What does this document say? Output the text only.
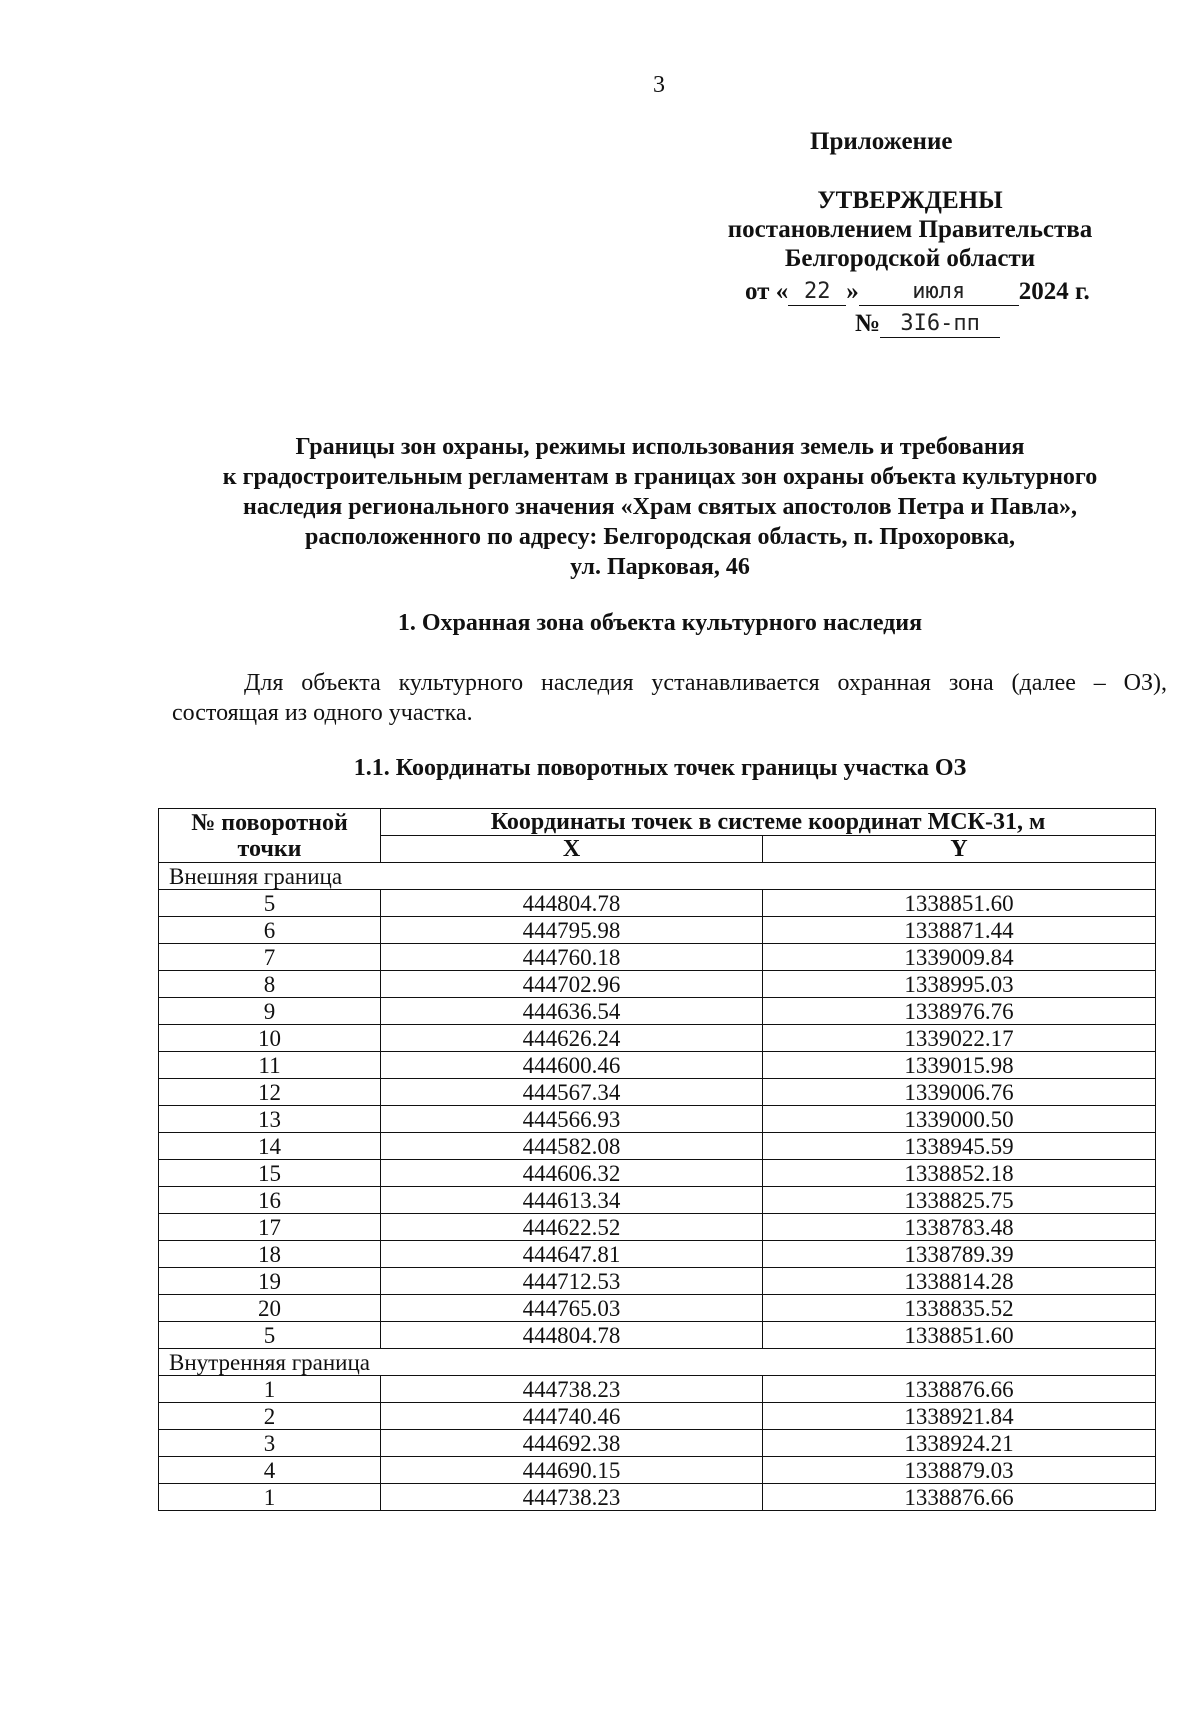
3
Приложение
УТВЕРЖДЕНЫ
постановлением Правительства
Белгородской области
от « 22 » июля 2024 г.
№ 3I6-пп
Границы зон охраны, режимы использования земель и требования
к градостроительным регламентам в границах зон охраны объекта культурного
наследия регионального значения «Храм святых апостолов Петра и Павла»,
расположенного по адресу: Белгородская область, п. Прохоровка,
ул. Парковая, 46
1. Охранная зона объекта культурного наследия
Для объекта культурного наследия устанавливается охранная зона (далее – ОЗ), состоящая из одного участка.
1.1. Координаты поворотных точек границы участка ОЗ
№ поворотной точки	Координаты точек в системе координат МСК-31, м	
	X	Y
Внешняя граница		
5	444804.78	1338851.60
6	444795.98	1338871.44
7	444760.18	1339009.84
8	444702.96	1338995.03
9	444636.54	1338976.76
10	444626.24	1339022.17
11	444600.46	1339015.98
12	444567.34	1339006.76
13	444566.93	1339000.50
14	444582.08	1338945.59
15	444606.32	1338852.18
16	444613.34	1338825.75
17	444622.52	1338783.48
18	444647.81	1338789.39
19	444712.53	1338814.28
20	444765.03	1338835.52
5	444804.78	1338851.60
Внутренняя граница		
1	444738.23	1338876.66
2	444740.46	1338921.84
3	444692.38	1338924.21
4	444690.15	1338879.03
1	444738.23	1338876.66
